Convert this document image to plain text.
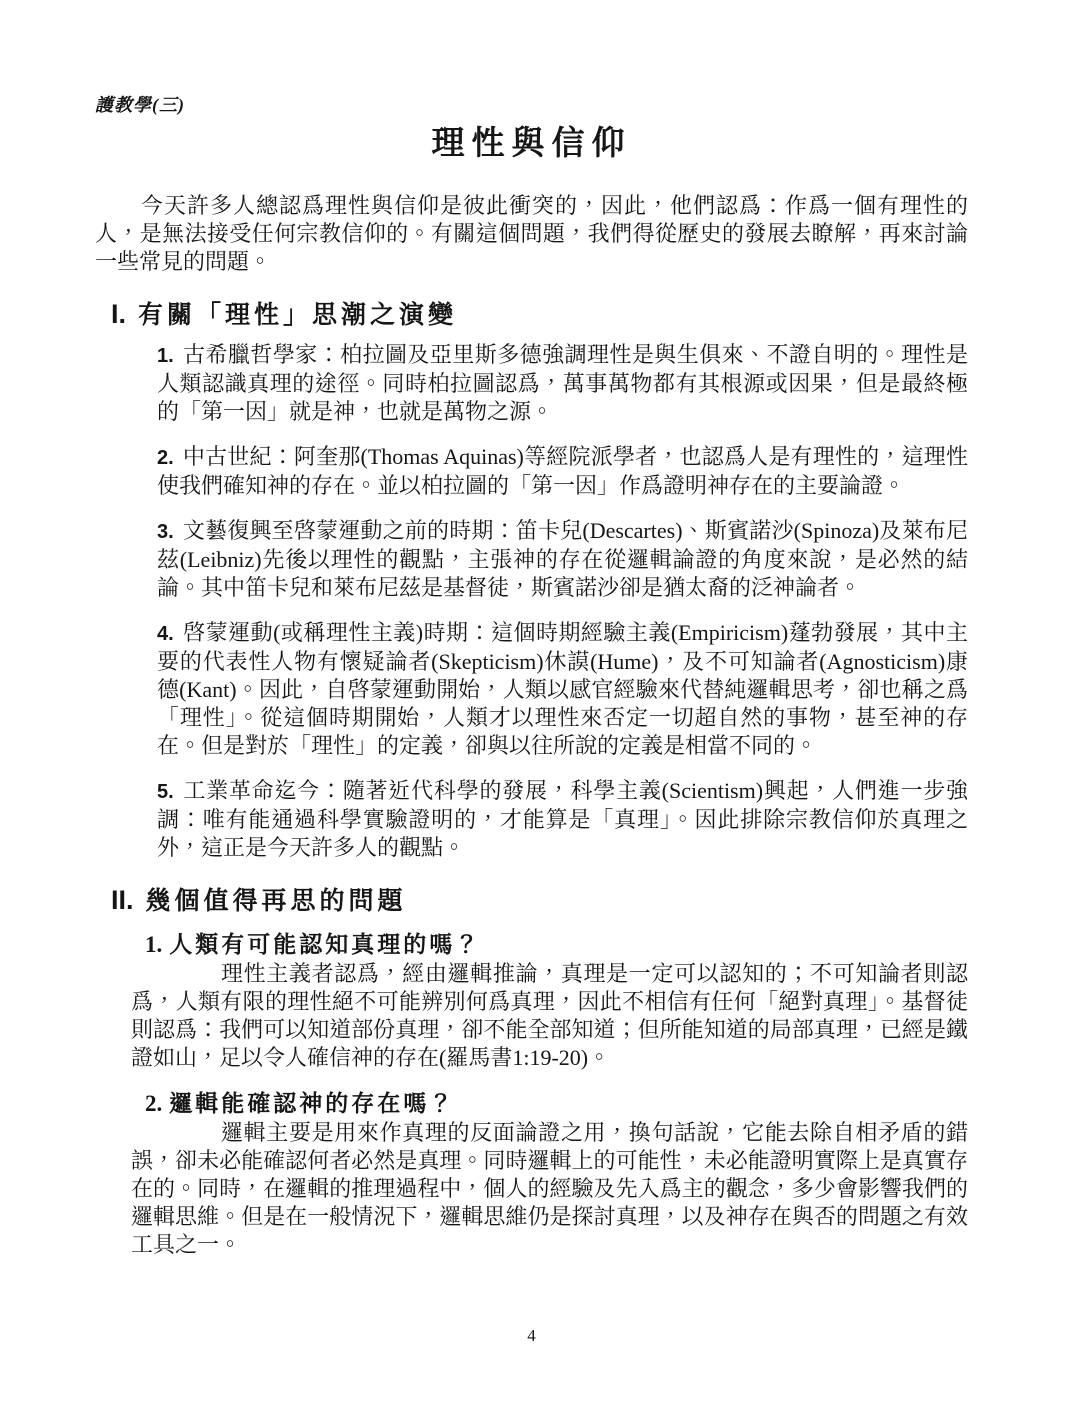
護教學(三)
理性與信仰

今天許多人總認爲理性與信仰是彼此衝突的，因此，他們認爲：作爲一個有理性的人，是無法接受任何宗教信仰的。有關這個問題，我們得從歷史的發展去瞭解，再來討論一些常見的問題。

I. 有關「理性」思潮之演變
1. 古希臘哲學家：柏拉圖及亞里斯多德強調理性是與生俱來、不證自明的。理性是人類認識真理的途徑。同時柏拉圖認爲，萬事萬物都有其根源或因果，但是最終極的「第一因」就是神，也就是萬物之源。
2. 中古世紀：阿奎那(Thomas Aquinas)等經院派學者，也認爲人是有理性的，這理性使我們確知神的存在。並以柏拉圖的「第一因」作爲證明神存在的主要論證。
3. 文藝復興至啓蒙運動之前的時期：笛卡兒(Descartes)、斯賓諾沙(Spinoza)及萊布尼茲(Leibniz)先後以理性的觀點，主張神的存在從邏輯論證的角度來說，是必然的結論。其中笛卡兒和萊布尼茲是基督徒，斯賓諾沙卻是猶太裔的泛神論者。
4. 啓蒙運動(或稱理性主義)時期：這個時期經驗主義(Empiricism)蓬勃發展，其中主要的代表性人物有懷疑論者(Skepticism)休謨(Hume)，及不可知論者(Agnosticism)康德(Kant)。因此，自啓蒙運動開始，人類以感官經驗來代替純邏輯思考，卻也稱之爲「理性」。從這個時期開始，人類才以理性來否定一切超自然的事物，甚至神的存在。但是對於「理性」的定義，卻與以往所說的定義是相當不同的。
5. 工業革命迄今：隨著近代科學的發展，科學主義(Scientism)興起，人們進一步強調：唯有能通過科學實驗證明的，才能算是「真理」。因此排除宗教信仰於真理之外，這正是今天許多人的觀點。
II. 幾個值得再思的問題
1. 人類有可能認知真理的嗎？

理性主義者認爲，經由邏輯推論，真理是一定可以認知的；不可知論者則認爲，人類有限的理性絕不可能辨別何爲真理，因此不相信有任何「絕對真理」。基督徒則認爲：我們可以知道部份真理，卻不能全部知道；但所能知道的局部真理，已經是鐵證如山，足以令人確信神的存在(羅馬書1:19-20)。

2. 邏輯能確認神的存在嗎？

邏輯主要是用來作真理的反面論證之用，換句話說，它能去除自相矛盾的錯誤，卻未必能確認何者必然是真理。同時邏輯上的可能性，未必能證明實際上是真實存在的。同時，在邏輯的推理過程中，個人的經驗及先入爲主的觀念，多少會影響我們的邏輯思維。但是在一般情況下，邏輯思維仍是探討真理，以及神存在與否的問題之有效工具之一。

4
